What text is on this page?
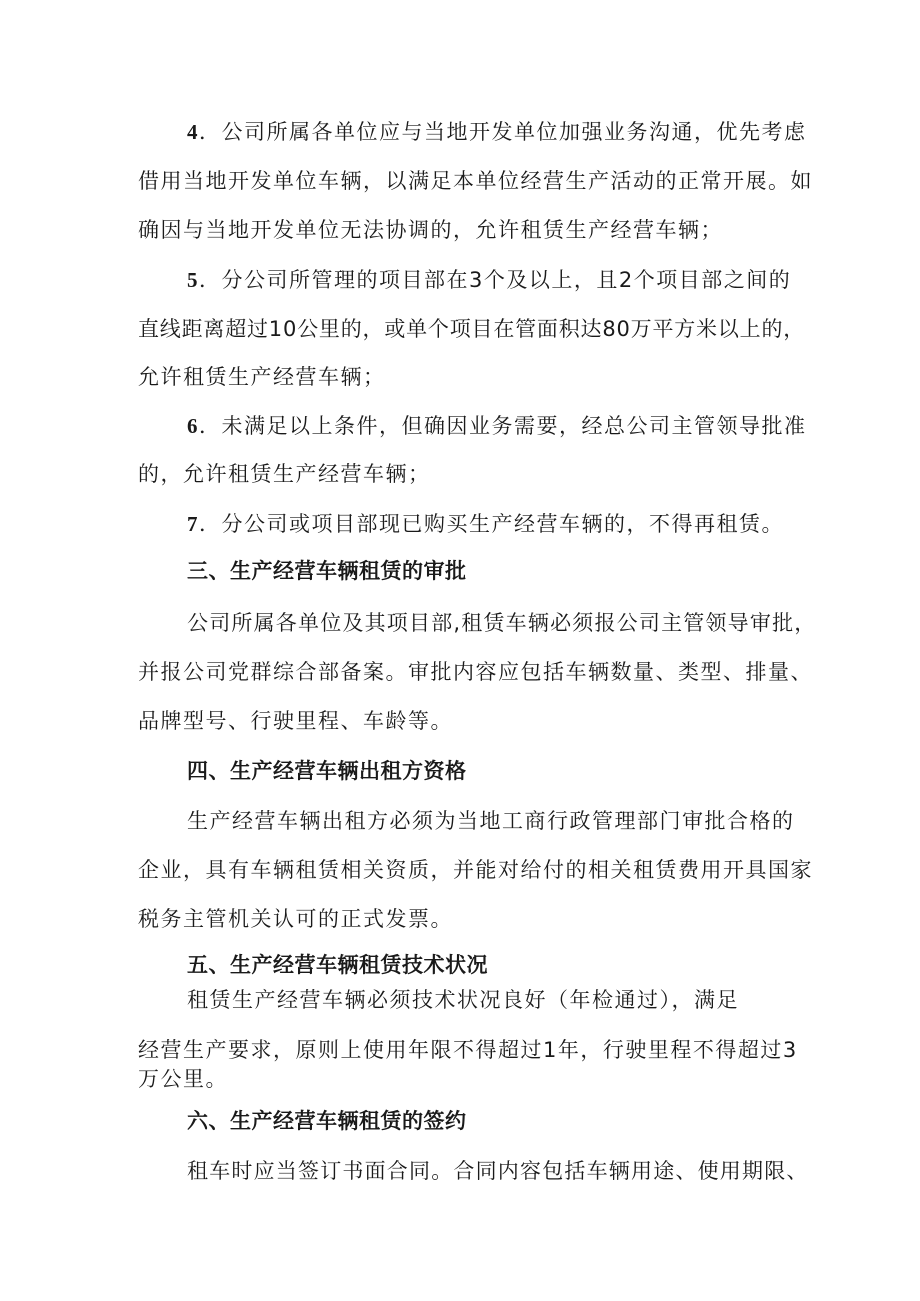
4．公司所属各单位应与当地开发单位加强业务沟通，优先考虑
借用当地开发单位车辆，以满足本单位经营生产活动的正常开展。如
确因与当地开发单位无法协调的，允许租赁生产经营车辆；
5．分公司所管理的项目部在3个及以上，且2个项目部之间的
直线距离超过10公里的，或单个项目在管面积达80万平方米以上的，
允许租赁生产经营车辆；
6．未满足以上条件，但确因业务需要，经总公司主管领导批准
的，允许租赁生产经营车辆；
7．分公司或项目部现已购买生产经营车辆的，不得再租赁。
三、生产经营车辆租赁的审批
公司所属各单位及其项目部,租赁车辆必须报公司主管领导审批，
并报公司党群综合部备案。审批内容应包括车辆数量、类型、排量、
品牌型号、行驶里程、车龄等。
四、生产经营车辆出租方资格
生产经营车辆出租方必须为当地工商行政管理部门审批合格的
企业，具有车辆租赁相关资质，并能对给付的相关租赁费用开具国家
税务主管机关认可的正式发票。
五、生产经营车辆租赁技术状况
租赁生产经营车辆必须技术状况良好（年检通过），满足
经营生产要求，原则上使用年限不得超过1年，行驶里程不得超过3
万公里。
六、生产经营车辆租赁的签约
租车时应当签订书面合同。合同内容包括车辆用途、使用期限、
